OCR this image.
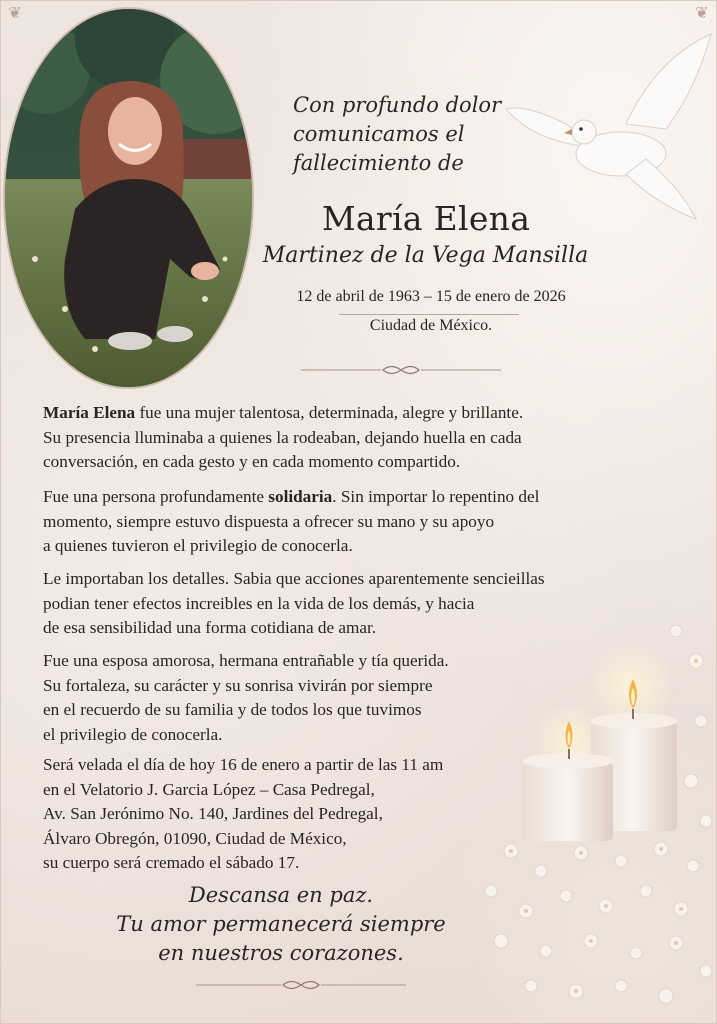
❦	❦
Con profundo dolor
comunicamos el
fallecimiento de
María Elena
Martinez de la Vega Mansilla
12 de abril de 1963 – 15 de enero de 2026
Ciudad de México.
María Elena fue una mujer talentosa, determinada, alegre y brillante.
Su presencia lluminaba a quienes la rodeaban, dejando huella en cada
conversación, en cada gesto y en cada momento compartido.
Fue una persona profundamente solidaria. Sin importar lo repentino del
momento, siempre estuvo dispuesta a ofrecer su mano y su apoyo
a quienes tuvieron el privilegio de conocerla.
Le importaban los detalles. Sabia que acciones aparentemente sencieillas
podian tener efectos increibles en la vida de los demás, y hacia
de esa sensibilidad una forma cotidiana de amar.
Fue una esposa amorosa, hermana entrañable y tía querida.
Su fortaleza, su carácter y su sonrisa vivirán por siempre
en el recuerdo de su familia y de todos los que tuvimos
el privilegio de conocerla.
Será velada el día de hoy 16 de enero a partir de las 11 am
en el Velatorio J. Garcia López – Casa Pedregal,
Av. San Jerónimo No. 140, Jardines del Pedregal,
Álvaro Obregón, 01090, Ciudad de México,
su cuerpo será cremado el sábado 17.
Descansa en paz.
Tu amor permanecerá siempre
en nuestros corazones.
